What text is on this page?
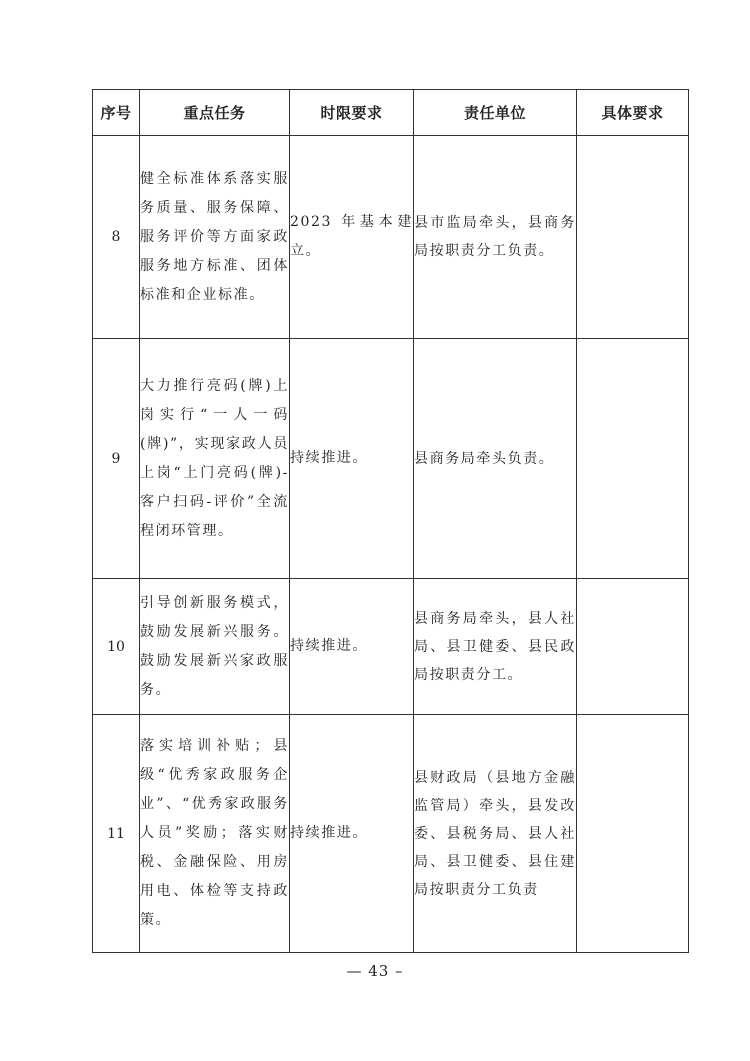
序号	重点任务	时限要求	责任单位	具体要求
8	健全标准体系落实服务质量、服务保障、服务评价等方面家政服务地方标准、团体标准和企业标准。	2023 年基本建立。	县市监局牵头，县商务局按职责分工负责。	
9	大力推行亮码(牌)上岗实行“一人一码(牌)”，实现家政人员上岗“上门亮码(牌)-客户扫码-评价”全流程闭环管理。	持续推进。	县商务局牵头负责。	
10	引导创新服务模式，鼓励发展新兴服务。鼓励发展新兴家政服务。	持续推进。	县商务局牵头，县人社局、县卫健委、县民政局按职责分工。	
11	落实培训补贴；县级“优秀家政服务企业”、“优秀家政服务人员”奖励；落实财税、金融保险、用房用电、体检等支持政策。	持续推进。	县财政局（县地方金融监管局）牵头，县发改委、县税务局、县人社局、县卫健委、县住建局按职责分工负责	
— 43 –
